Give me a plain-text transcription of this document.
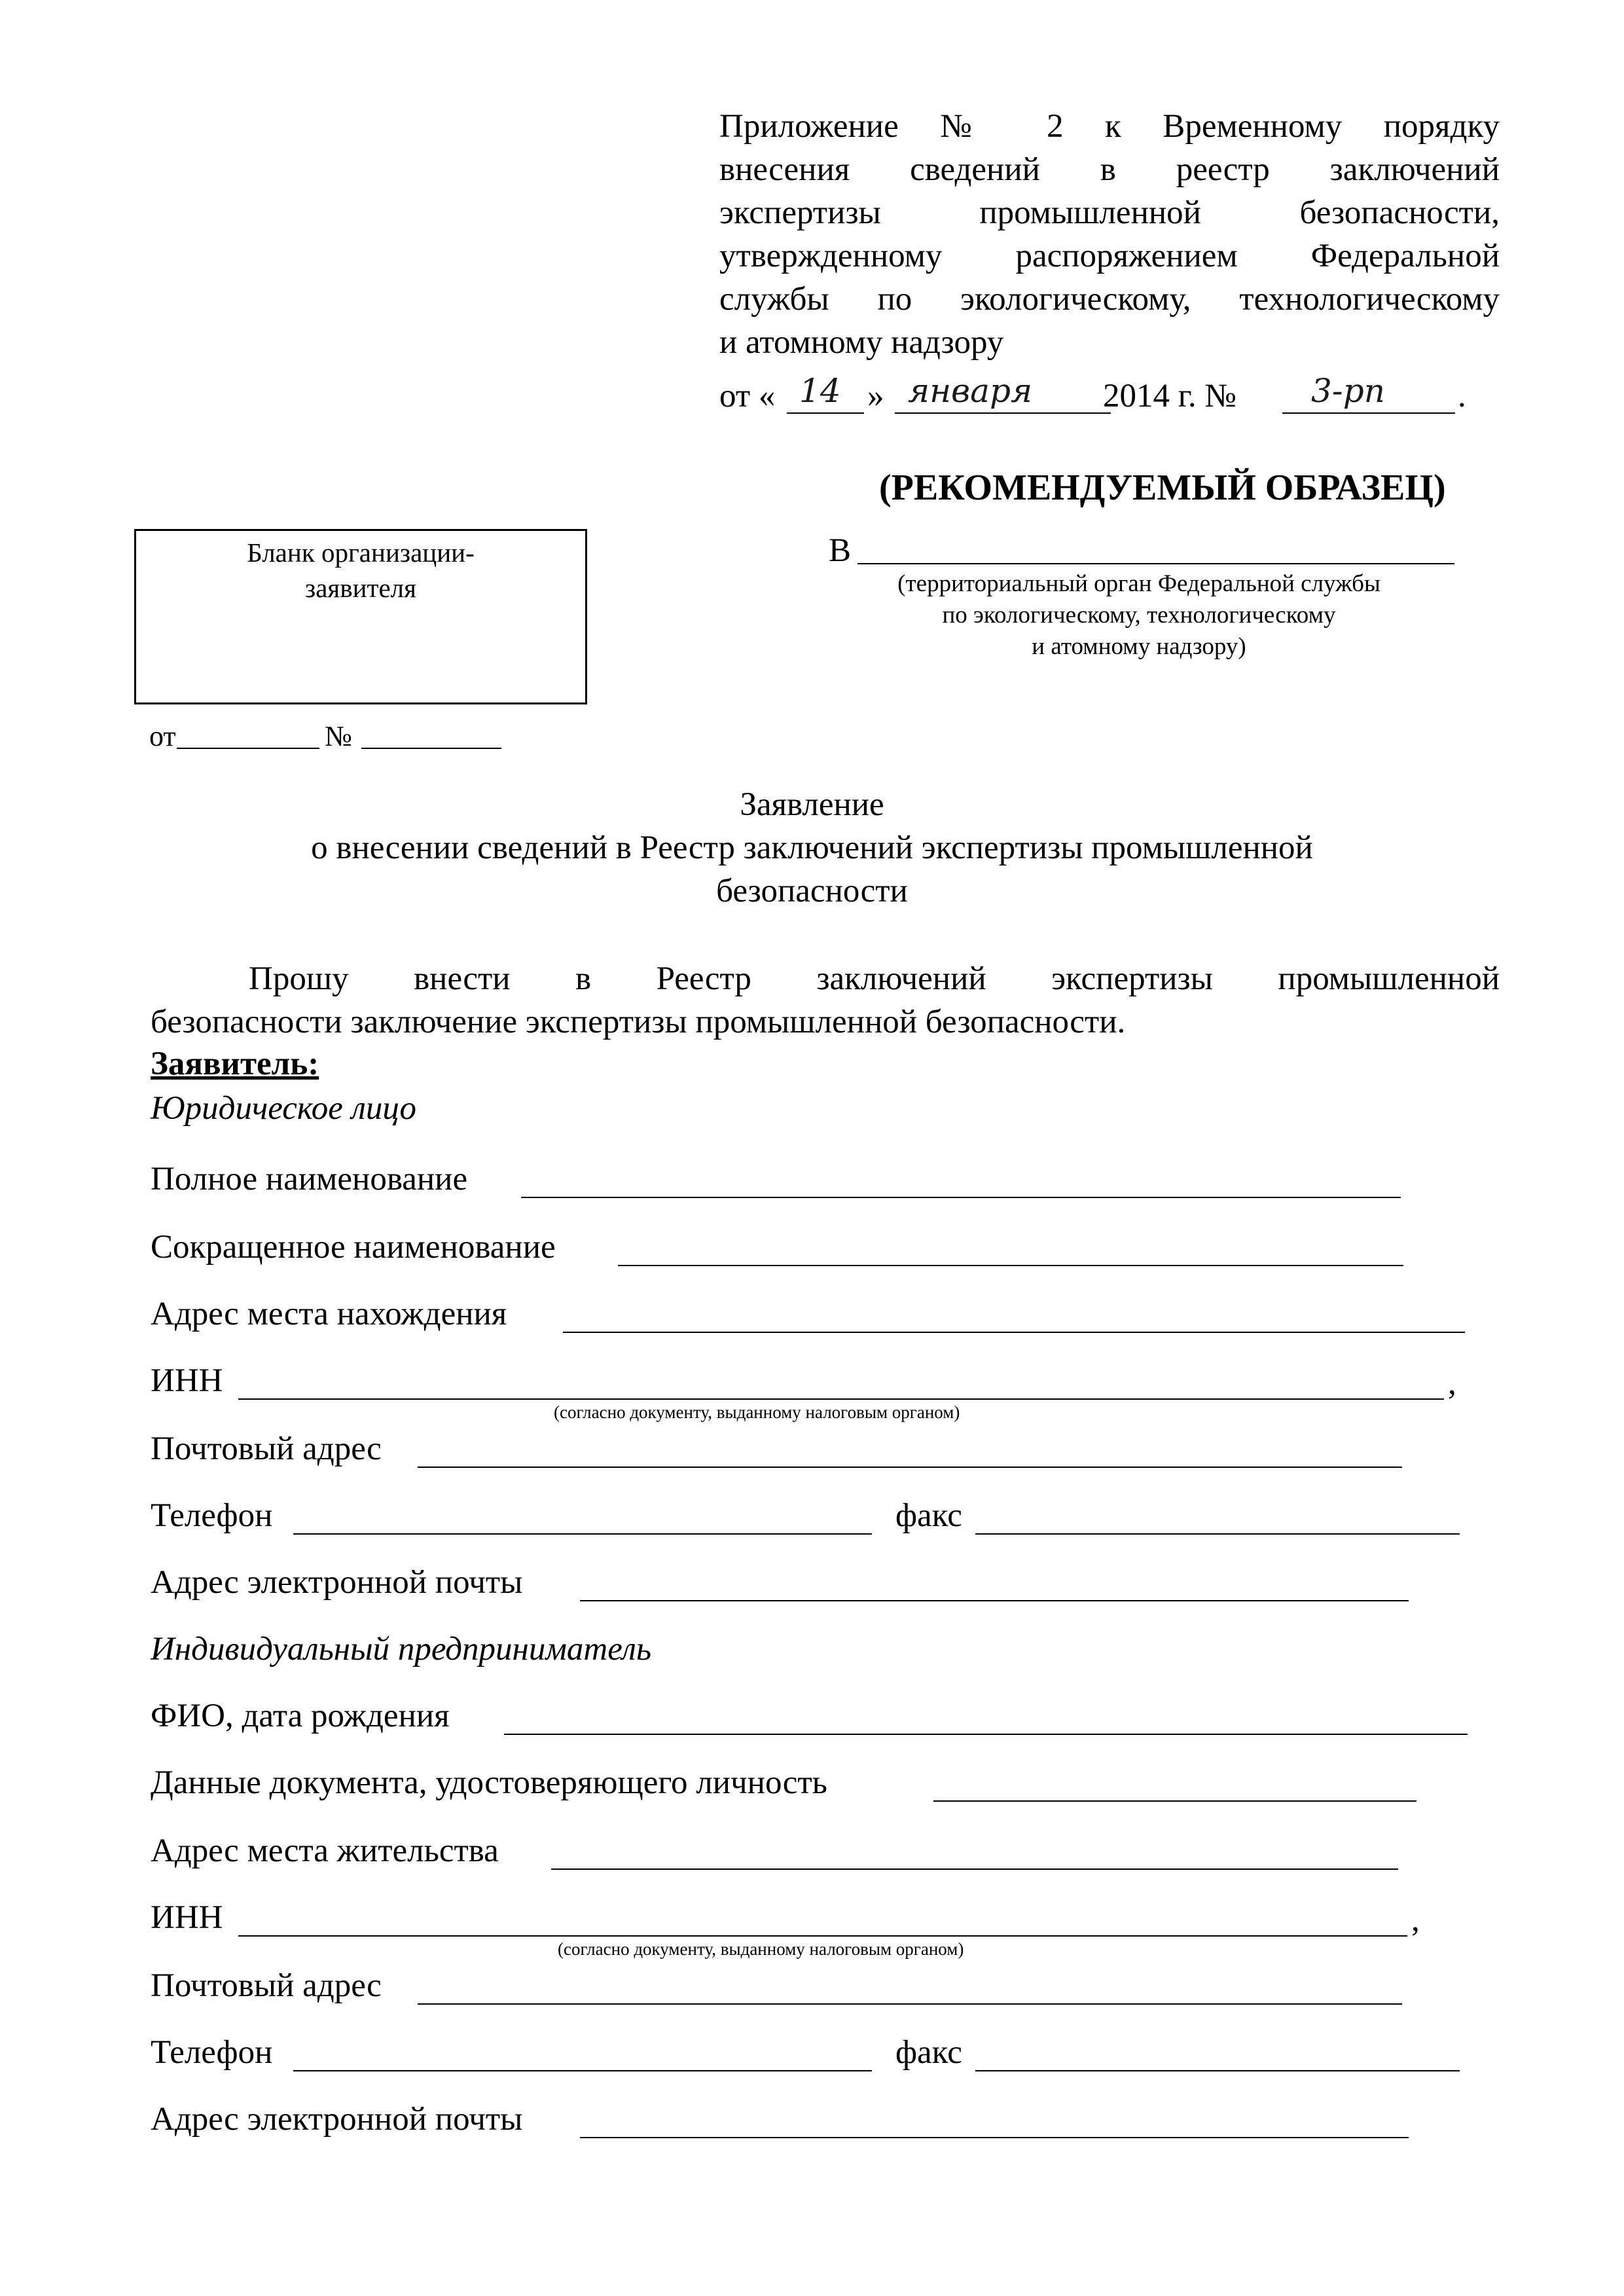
Приложение № 2 к Временному порядку
внесения сведений в реестр заключений
экспертизы промышленной безопасности,
утвержденному распоряжением Федеральной
службы по экологическому, технологическому
и атомному надзору
от « 14 » января 2014 г. № 3-рп .
(РЕКОМЕНДУЕМЫЙ ОБРАЗЕЦ)
Бланк организации-
заявителя
В
(территориальный орган Федеральной службы
по экологическому, технологическому
и атомному надзору)
от	№
Заявление
о внесении сведений в Реестр заключений экспертизы промышленной
безопасности
Прошу внести в Реестр заключений экспертизы промышленной
безопасности заключение экспертизы промышленной безопасности.
Заявитель:
Юридическое лицо
Полное наименование
Сокращенное наименование
Адрес места нахождения
ИНН	,
(согласно документу, выданному налоговым органом)
Почтовый адрес
Телефон	факс
Адрес электронной почты
Индивидуальный предприниматель
ФИО, дата рождения
Данные документа, удостоверяющего личность
Адрес места жительства
ИНН	,
(согласно документу, выданному налоговым органом)
Почтовый адрес
Телефон	факс
Адрес электронной почты
